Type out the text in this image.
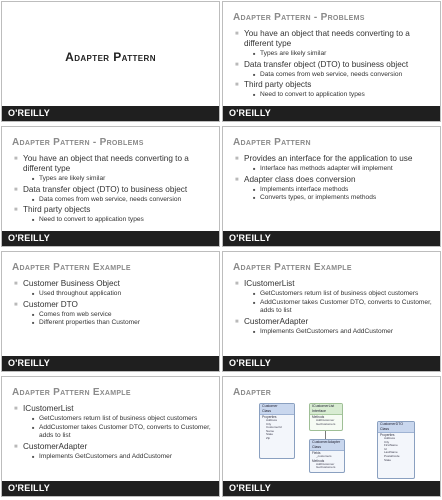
Adapter Pattern
O'REILLY
Adapter Pattern - Problems
■ You have an object that needs converting to a different type
■ Types are likely similar
■ Data transfer object (DTO) to business object
■ Data comes from web service, needs conversion
■ Third party objects
■ Need to convert to application types
O'REILLY
Adapter Pattern - Problems
■ You have an object that needs converting to a different type
■ Types are likely similar
■ Data transfer object (DTO) to business object
■ Data comes from web service, needs conversion
■ Third party objects
■ Need to convert to application types
O'REILLY
Adapter Pattern
■ Provides an interface for the application to use
■ Interface has methods adapter will implement
■ Adapter class does conversion
■ Implements interface methods
■ Converts types, or implements methods
O'REILLY
Adapter Pattern Example
■ Customer Business Object
■ Used throughout application
■ Customer DTO
■ Comes from web service
■ Different properties than Customer
O'REILLY
Adapter Pattern Example
■ ICustomerList
■ GetCustomers return list of business object customers
■ AddCustomer takes Customer DTO, converts to Customer, adds to list
■ CustomerAdapter
■ Implements GetCustomers and AddCustomer
O'REILLY
Adapter Pattern Example
■ ICustomerList
■ GetCustomers return list of business object customers
■ AddCustomer takes Customer DTO, converts to Customer, adds to list
■ CustomerAdapter
■ Implements GetCustomers and AddCustomer
O'REILLY
Adapter
Customer
Class
Properties
Address
City
CustomerId
Name
State
Zip
ICustomerList
Interface
Methods
AddCustomer
GetCustomers
CustomerAdapter
Class
Fields
_customers
Methods
AddCustomer
GetCustomers
CustomerDTO
Class
Properties
Address
City
FirstName
Id
LastName
PostalCode
State
O'REILLY
